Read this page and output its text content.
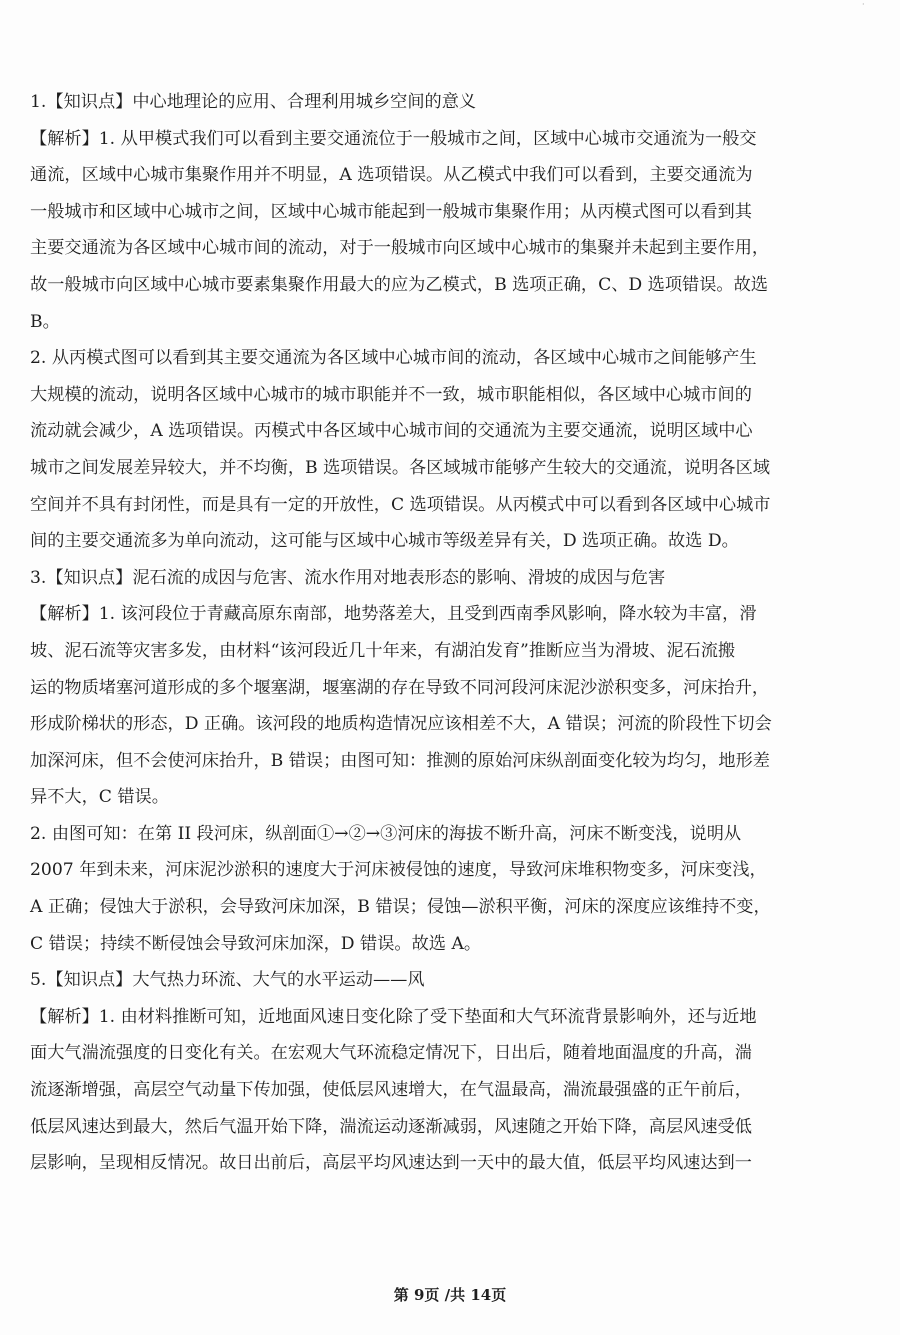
·

1.【知识点】中心地理论的应用、合理利用城乡空间的意义

【解析】1. 从甲模式我们可以看到主要交通流位于一般城市之间，区域中心城市交通流为一般交
通流，区域中心城市集聚作用并不明显，A 选项错误。从乙模式中我们可以看到，主要交通流为
一般城市和区域中心城市之间，区域中心城市能起到一般城市集聚作用；从丙模式图可以看到其
主要交通流为各区域中心城市间的流动，对于一般城市向区域中心城市的集聚并未起到主要作用，
故一般城市向区域中心城市要素集聚作用最大的应为乙模式，B 选项正确，C、D 选项错误。故选
B。

2. 从丙模式图可以看到其主要交通流为各区域中心城市间的流动，各区域中心城市之间能够产生
大规模的流动，说明各区域中心城市的城市职能并不一致，城市职能相似，各区域中心城市间的
流动就会减少，A 选项错误。丙模式中各区域中心城市间的交通流为主要交通流，说明区域中心
城市之间发展差异较大，并不均衡，B 选项错误。各区域城市能够产生较大的交通流，说明各区域
空间并不具有封闭性，而是具有一定的开放性，C 选项错误。从丙模式中可以看到各区域中心城市
间的主要交通流多为单向流动，这可能与区域中心城市等级差异有关，D 选项正确。故选 D。

3.【知识点】泥石流的成因与危害、流水作用对地表形态的影响、滑坡的成因与危害

【解析】1. 该河段位于青藏高原东南部，地势落差大，且受到西南季风影响，降水较为丰富，滑
坡、泥石流等灾害多发，由材料“该河段近几十年来，有湖泊发育”推断应当为滑坡、泥石流搬
运的物质堵塞河道形成的多个堰塞湖，堰塞湖的存在导致不同河段河床泥沙淤积变多，河床抬升，
形成阶梯状的形态，D 正确。该河段的地质构造情况应该相差不大，A 错误；河流的阶段性下切会
加深河床，但不会使河床抬升，B 错误；由图可知：推测的原始河床纵剖面变化较为均匀，地形差
异不大，C 错误。

2. 由图可知：在第 II 段河床，纵剖面①→②→③河床的海拔不断升高，河床不断变浅，说明从
2007 年到未来，河床泥沙淤积的速度大于河床被侵蚀的速度，导致河床堆积物变多，河床变浅，
A 正确；侵蚀大于淤积，会导致河床加深，B 错误；侵蚀—淤积平衡，河床的深度应该维持不变，
C 错误；持续不断侵蚀会导致河床加深，D 错误。故选 A。

5.【知识点】大气热力环流、大气的水平运动——风

【解析】1. 由材料推断可知，近地面风速日变化除了受下垫面和大气环流背景影响外，还与近地
面大气湍流强度的日变化有关。在宏观大气环流稳定情况下，日出后，随着地面温度的升高，湍
流逐渐增强，高层空气动量下传加强，使低层风速增大，在气温最高，湍流最强盛的正午前后，
低层风速达到最大，然后气温开始下降，湍流运动逐渐减弱，风速随之开始下降，高层风速受低
层影响，呈现相反情况。故日出前后，高层平均风速达到一天中的最大值，低层平均风速达到一

第 9页 /共 14页
